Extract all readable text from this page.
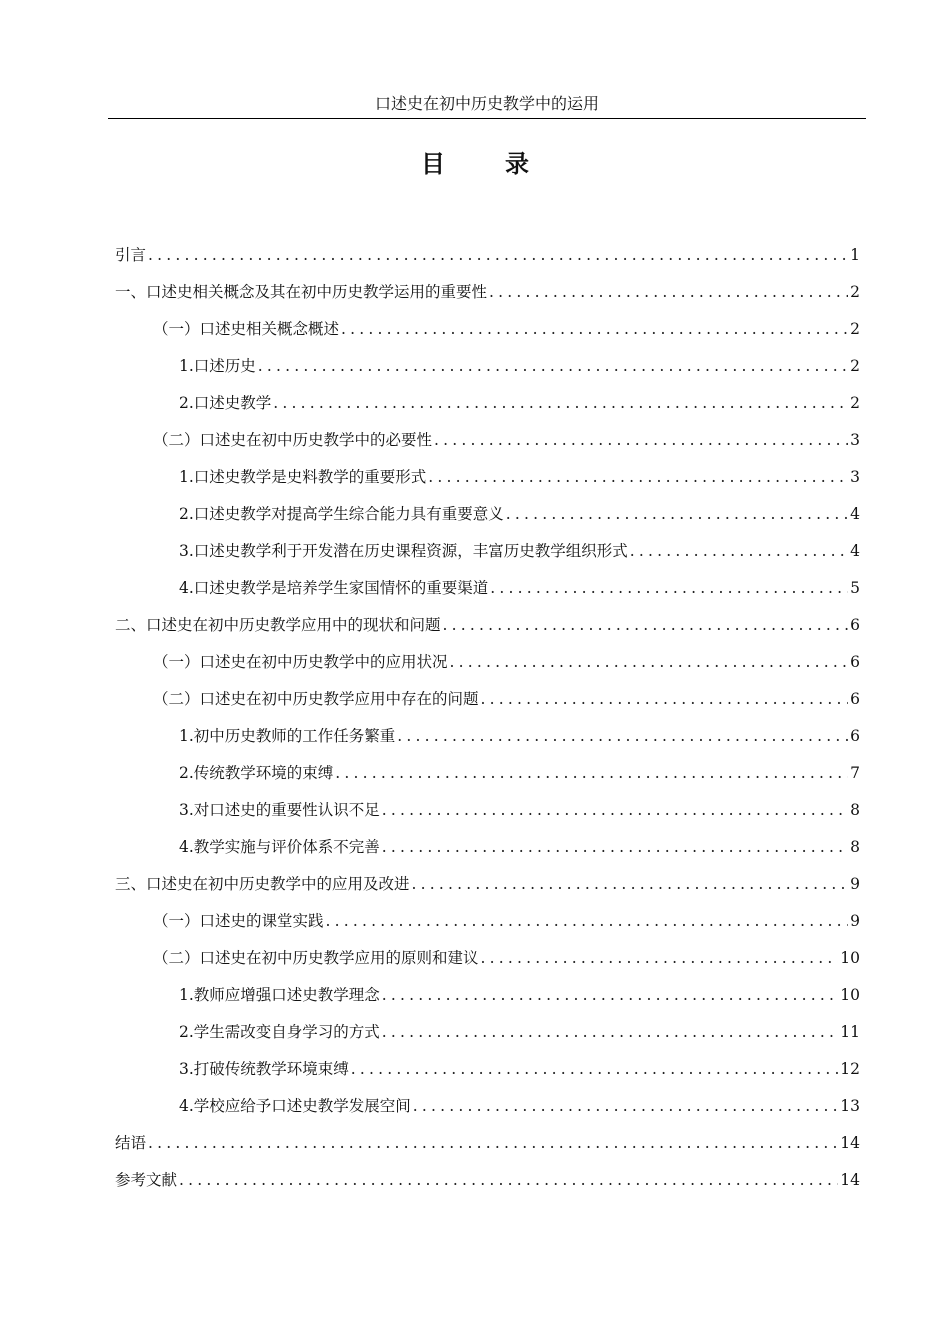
口述史在初中历史教学中的运用
目录
引言 .....	1
一、口述史相关概念及其在初中历史教学运用的重要性 .....	2
（一）口述史相关概念概述 .....	2
1.口述历史 .....	2
2.口述史教学 .....	2
（二）口述史在初中历史教学中的必要性 .....	3
1.口述史教学是史料教学的重要形式 .....	3
2.口述史教学对提高学生综合能力具有重要意义 .....	4
3.口述史教学利于开发潜在历史课程资源，丰富历史教学组织形式 .....	4
4.口述史教学是培养学生家国情怀的重要渠道 .....	5
二、口述史在初中历史教学应用中的现状和问题 .....	6
（一）口述史在初中历史教学中的应用状况 .....	6
（二）口述史在初中历史教学应用中存在的问题 .....	6
1.初中历史教师的工作任务繁重 .....	6
2.传统教学环境的束缚 .....	7
3.对口述史的重要性认识不足 .....	8
4.教学实施与评价体系不完善 .....	8
三、口述史在初中历史教学中的应用及改进 .....	9
（一）口述史的课堂实践 .....	9
（二）口述史在初中历史教学应用的原则和建议 .....	10
1.教师应增强口述史教学理念 .....	10
2.学生需改变自身学习的方式 .....	11
3.打破传统教学环境束缚 .....	12
4.学校应给予口述史教学发展空间 .....	13
结语 .....	14
参考文献 .....	14
